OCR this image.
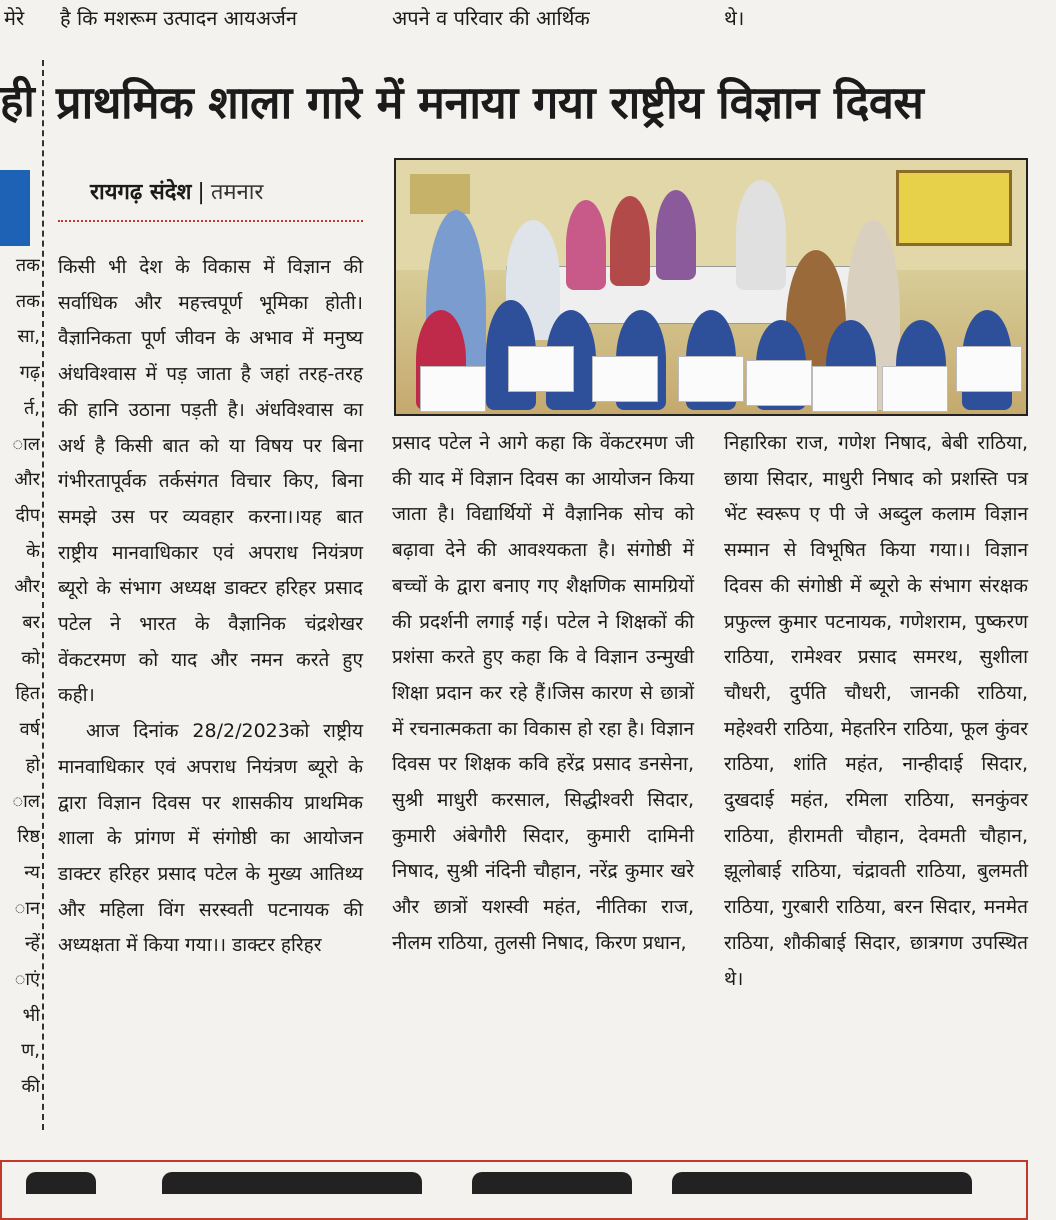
मेरे है कि मशरूम उत्पादन आयअर्जन	अपने व परिवार की आर्थिक	थे।
ही
तक
तक
सा,
गढ़
र्त,
ाल
और
दीप
के
और
बर
को
हित
वर्ष
हो
ाल
रिष्ठ
न्य
ान
न्हें
ाएं
भी
ण,
की
प्राथमिक शाला गारे में मनाया गया राष्ट्रीय विज्ञान दिवस
रायगढ़ संदेश | तमनार

किसी भी देश के विकास में विज्ञान की सर्वाधिक और महत्त्वपूर्ण भूमिका होती। वैज्ञानिकता पूर्ण जीवन के अभाव में मनुष्य अंधविश्वास में पड़ जाता है जहां तरह-तरह की हानि उठाना पड़ती है। अंधविश्वास का अर्थ है किसी बात को या विषय पर बिना गंभीरतापूर्वक तर्कसंगत विचार किए, बिना समझे उस पर व्यवहार करना।।यह बात राष्ट्रीय मानवाधिकार एवं अपराध नियंत्रण ब्यूरो के संभाग अध्यक्ष डाक्टर हरिहर प्रसाद पटेल ने भारत के वैज्ञानिक चंद्रशेखर वेंकटरमण को याद और नमन करते हुए कही।

आज दिनांक 28/2/2023को राष्ट्रीय मानवाधिकार एवं अपराध नियंत्रण ब्यूरो के द्वारा विज्ञान दिवस पर शासकीय प्राथमिक शाला के प्रांगण में संगोष्ठी का आयोजन डाक्टर हरिहर प्रसाद पटेल के मुख्य आतिथ्य और महिला विंग सरस्वती पटनायक की अध्यक्षता में किया गया।। डाक्टर हरिहर

प्रसाद पटेल ने आगे कहा कि वेंकटरमण जी की याद में विज्ञान दिवस का आयोजन किया जाता है। विद्यार्थियों में वैज्ञानिक सोच को बढ़ावा देने की आवश्यकता है। संगोष्ठी में बच्चों के द्वारा बनाए गए शैक्षणिक सामग्रियों की प्रदर्शनी लगाई गई। पटेल ने शिक्षकों की प्रशंसा करते हुए कहा कि वे विज्ञान उन्मुखी शिक्षा प्रदान कर रहे हैं।जिस कारण से छात्रों में रचनात्मकता का विकास हो रहा है। विज्ञान दिवस पर शिक्षक कवि हरेंद्र प्रसाद डनसेना, सुश्री माधुरी करसाल, सिद्धीश्वरी सिदार, कुमारी अंबेगौरी सिदार, कुमारी दामिनी निषाद, सुश्री नंदिनी चौहान, नरेंद्र कुमार खरे और छात्रों यशस्वी महंत, नीतिका राज, नीलम राठिया, तुलसी निषाद, किरण प्रधान,

निहारिका राज, गणेश निषाद, बेबी राठिया, छाया सिदार, माधुरी निषाद को प्रशस्ति पत्र भेंट स्वरूप ए पी जे अब्दुल कलाम विज्ञान सम्मान से विभूषित किया गया।। विज्ञान दिवस की संगोष्ठी में ब्यूरो के संभाग संरक्षक प्रफुल्ल कुमार पटनायक, गणेशराम, पुष्करण राठिया, रामेश्वर प्रसाद समरथ, सुशीला चौधरी, दुर्पति चौधरी, जानकी राठिया, महेश्वरी राठिया, मेहतरिन राठिया, फूल कुंवर राठिया, शांति महंत, नान्हीदाई सिदार, दुखदाई महंत, रमिला राठिया, सनकुंवर राठिया, हीरामती चौहान, देवमती चौहान, झूलोबाई राठिया, चंद्रावती राठिया, बुलमती राठिया, गुरबारी राठिया, बरन सिदार, मनमेत राठिया, शौकीबाई सिदार, छात्रगण उपस्थित थे।
